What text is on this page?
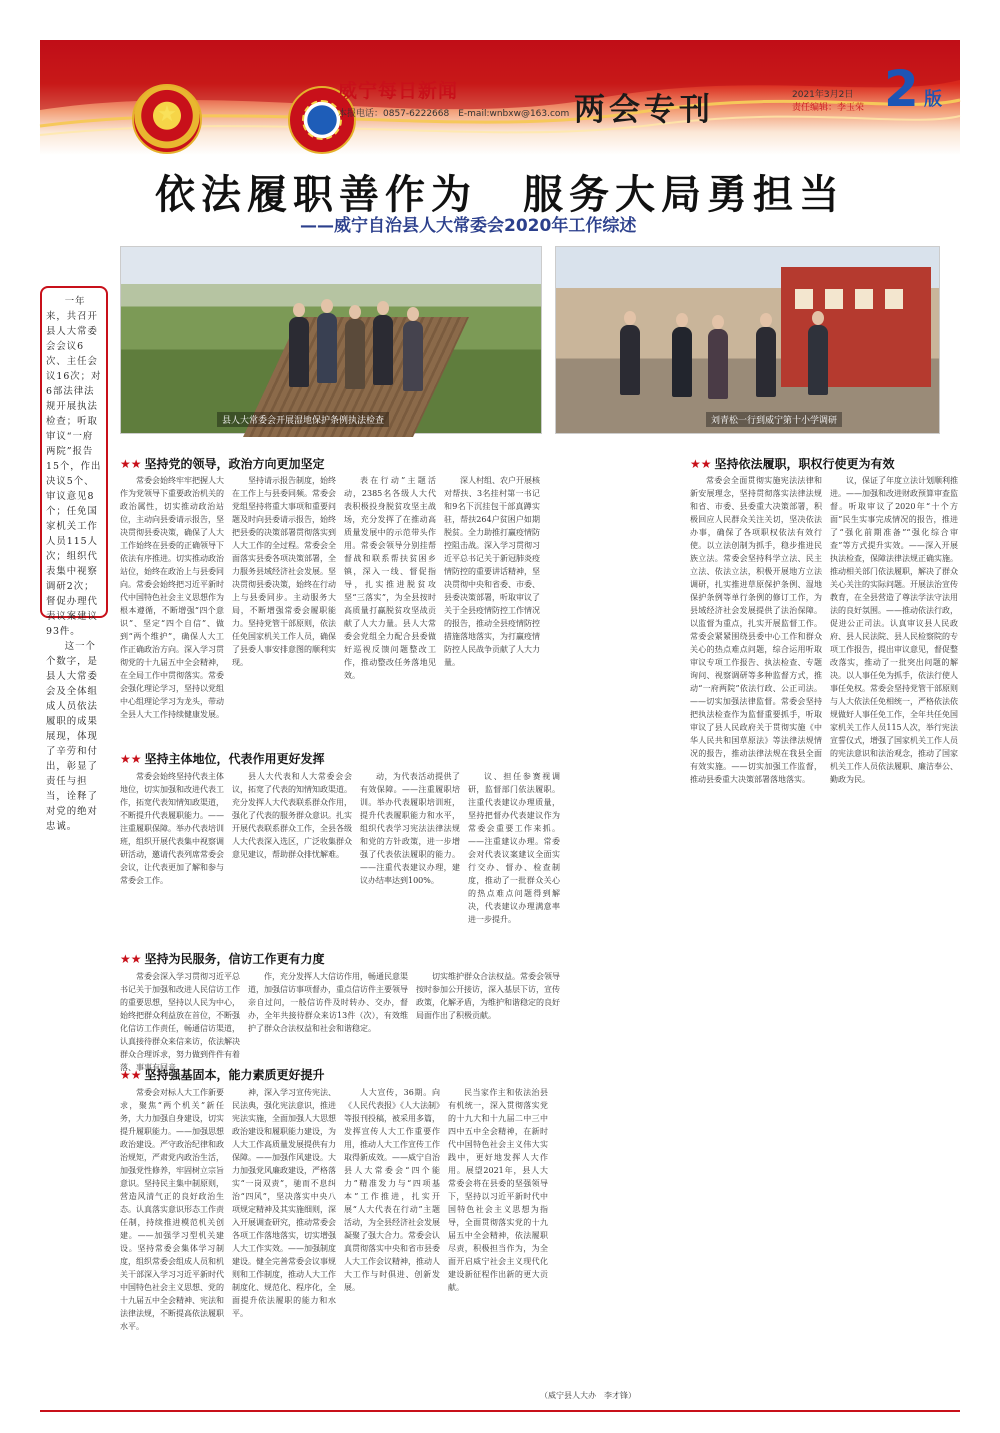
★
威宁每日新闻
本报电话：0857-6222668　E-mail:wnbxw@163.com 两会专刊	2021年3月2日
责任编辑：李玉荣 2 版
依法履职善作为　服务大局勇担当
——威宁自治县人大常委会2020年工作综述
县人大常委会开展湿地保护条例执法检查	刘青松一行到威宁第十小学调研

一年来，共召开县人大常委会会议6次、主任会议16次；对6部法律法规开展执法检查；听取审议“一府两院”报告15个，作出决议5个、审议意见8个；任免国家机关工作人员115人次；组织代表集中视察调研2次；督促办理代表议案建议93件。

这一个个数字，是县人大常委会及全体组成人员依法履职的成果展现，体现了辛劳和付出，彰显了责任与担当，诠释了对党的绝对忠诚。

★★ 坚持党的领导，政治方向更加坚定

常委会始终牢牢把握人大作为党领导下重要政治机关的政治属性，切实推动政治站位，主动向县委请示报告，坚决贯彻县委决策，确保了人大工作始终在县委的正确领导下依法有序推进。切实推动政治站位，始终在政治上与县委同向。常委会始终把习近平新时代中国特色社会主义思想作为根本遵循，不断增强“四个意识”、坚定“四个自信”、做到“两个维护”，确保人大工作正确政治方向。深入学习贯彻党的十九届五中全会精神，在全局工作中贯彻落实。常委会强化理论学习，坚持以党组中心组理论学习为龙头，带动全县人大工作持续健康发展。

坚持请示报告制度，始终在工作上与县委同频。常委会党组坚持将重大事项和重要问题及时向县委请示报告，始终把县委的决策部署贯彻落实到人大工作的全过程。常委会全面落实县委各项决策部署，全力服务县域经济社会发展。坚决贯彻县委决策，始终在行动上与县委同步。主动服务大局，不断增强常委会履职能力。坚持党管干部原则，依法任免国家机关工作人员，确保了县委人事安排意图的顺利实现。

表在行动”主题活动，2385名各级人大代表积极投身脱贫攻坚主战场，充分发挥了在推动高质量发展中的示范带头作用。常委会领导分别挂帮督战和联系帮扶贫困乡镇，深入一线、督促指导，扎实推进脱贫攻坚“三落实”，为全县按时高质量打赢脱贫攻坚战贡献了人大力量。县人大常委会党组全力配合县委做好巡视反馈问题整改工作，推动整改任务落地见效。

深人村组、农户开展核对帮扶、3名挂村第一书记和9名下沉挂包干部真蹲实驻，帮扶264户贫困户如期脱贫。全力助推打赢疫情防控阻击战。深入学习贯彻习近平总书记关于新冠肺炎疫情防控的重要讲话精神，坚决贯彻中央和省委、市委、县委决策部署，听取审议了关于全县疫情防控工作情况的报告，推动全县疫情防控措施落地落实，为打赢疫情防控人民战争贡献了人大力量。

★★ 坚持主体地位，代表作用更好发挥

常委会始终坚持代表主体地位，切实加强和改进代表工作，拓宽代表知情知政渠道，不断提升代表履职能力。——注重履职保障。举办代表培训班，组织开展代表集中视察调研活动，邀请代表列席常委会会议，让代表更加了解和参与常委会工作。

县人大代表和人大常委会会议，拓宽了代表的知情知政渠道。充分发挥人大代表联系群众作用，强化了代表的服务群众意识。扎实开展代表联系群众工作，全县各级人大代表深入选区，广泛收集群众意见建议，帮助群众排忧解难。

动，为代表活动提供了有效保障。——注重履职培训。举办代表履职培训班，提升代表履职能力和水平，组织代表学习宪法法律法规和党的方针政策，进一步增强了代表依法履职的能力。——注重代表建议办理，建议办结率达到100%。

议、担任参赛视调研，监督部门依法履职。注重代表建议办理质量，坚持把督办代表建议作为常委会重要工作来抓。——注重建议办理。常委会对代表议案建议全面实行交办、督办、检查制度，推动了一批群众关心的热点难点问题得到解决，代表建议办理满意率进一步提升。

★★ 坚持为民服务，信访工作更有力度

常委会深入学习贯彻习近平总书记关于加强和改进人民信访工作的重要思想，坚持以人民为中心，始终把群众利益放在首位，不断强化信访工作责任，畅通信访渠道，认真接待群众来信来访，依法解决群众合理诉求，努力做到件件有着落、事事有回音。

作，充分发挥人大信访作用，畅通民意渠道，加强信访事项督办，重点信访件主要领导亲自过问，一般信访件及时转办、交办，督办，全年共接待群众来访13件（次），有效维护了群众合法权益和社会和谐稳定。

切实维护群众合法权益。常委会领导按时参加公开接访，深入基层下访，宣传政策，化解矛盾，为维护和谐稳定的良好局面作出了积极贡献。

★★ 坚持强基固本，能力素质更好提升

常委会对标人大工作新要求，聚焦“两个机关”新任务，大力加强自身建设，切实提升履职能力。——加强思想政治建设。严守政治纪律和政治规矩，严肃党内政治生活，加强党性修养，牢固树立宗旨意识。坚持民主集中制原则，营造风清气正的良好政治生态。认真落实意识形态工作责任制，持续推进模范机关创建。——加强学习型机关建设。坚持常委会集体学习制度，组织常委会组成人员和机关干部深入学习习近平新时代中国特色社会主义思想、党的十九届五中全会精神、宪法和法律法规，不断提高依法履职水平。

神，深入学习宣传宪法、民法典，强化宪法意识，推进宪法实施，全面加强人大思想政治建设和履职能力建设，为人大工作高质量发展提供有力保障。——加强作风建设。大力加强党风廉政建设，严格落实“一岗双责”，驰而不息纠治“四风”，坚决落实中央八项规定精神及其实施细则，深入开展调查研究，推动常委会各项工作落地落实，切实增强人大工作实效。——加强制度建设。健全完善常委会议事规则和工作制度，推动人大工作制度化、规范化、程序化，全面提升依法履职的能力和水平。

人大宣传，36期。向《人民代表报》《人大法制》等报刊投稿，被采用多篇，发挥宣传人大工作重要作用，推动人大工作宣传工作取得新成效。——威宁自治县人大常委会“四个能力”精准发力与“四项基本”工作推进，扎实开展“人大代表在行动”主题活动，为全县经济社会发展凝聚了强大合力。常委会认真贯彻落实中央和省市县委人大工作会议精神，推动人大工作与时俱进、创新发展。

民当家作主和依法治县有机统一，深入贯彻落实党的十九大和十九届二中三中四中五中全会精神，在新时代中国特色社会主义伟大实践中，更好地发挥人大作用。展望2021年，县人大常委会将在县委的坚强领导下，坚持以习近平新时代中国特色社会主义思想为指导，全面贯彻落实党的十九届五中全会精神，依法履职尽责，积极担当作为，为全面开启威宁社会主义现代化建设新征程作出新的更大贡献。

（威宁县人大办　李才锋）
★★ 坚持依法履职，职权行使更为有效

常委会全面贯彻实施宪法法律和新安展理念，坚持贯彻落实法律法规和省、市委、县委重大决策部署，积极回应人民群众关注关切，坚决依法办事，确保了各项职权依法有效行使。以立法创制为抓手，稳步推进民族立法。常委会坚持科学立法、民主立法、依法立法，积极开展地方立法调研，扎实推进草原保护条例、湿地保护条例等单行条例的修订工作，为县域经济社会发展提供了法治保障。以监督为重点，扎实开展监督工作。常委会紧紧围绕县委中心工作和群众关心的热点难点问题，综合运用听取审议专项工作报告、执法检查、专题询问、视察调研等多种监督方式，推动“一府两院”依法行政、公正司法。——切实加强法律监督。常委会坚持把执法检查作为监督重要抓手，听取审议了县人民政府关于贯彻实施《中华人民共和国草原法》等法律法规情况的报告，推动法律法规在我县全面有效实施。——切实加强工作监督，推动县委重大决策部署落地落实。

议，保证了年度立法计划顺利推进。——加强和改进财政预算审查监督。听取审议了2020年“十个方面”民生实事完成情况的报告，推进了“强化前期准备”“强化综合审查”等方式提升实效。——深入开展执法检查，保障法律法规正确实施。推动相关部门依法履职，解决了群众关心关注的实际问题。开展法治宣传教育，在全县营造了尊法学法守法用法的良好氛围。——推动依法行政，促进公正司法。认真审议县人民政府、县人民法院、县人民检察院的专项工作报告，提出审议意见，督促整改落实，推动了一批突出问题的解决。以人事任免为抓手，依法行使人事任免权。常委会坚持党管干部原则与人大依法任免相统一，严格依法依规做好人事任免工作，全年共任免国家机关工作人员115人次，举行宪法宣誓仪式，增强了国家机关工作人员的宪法意识和法治观念，推动了国家机关工作人员依法履职、廉洁奉公、勤政为民。
